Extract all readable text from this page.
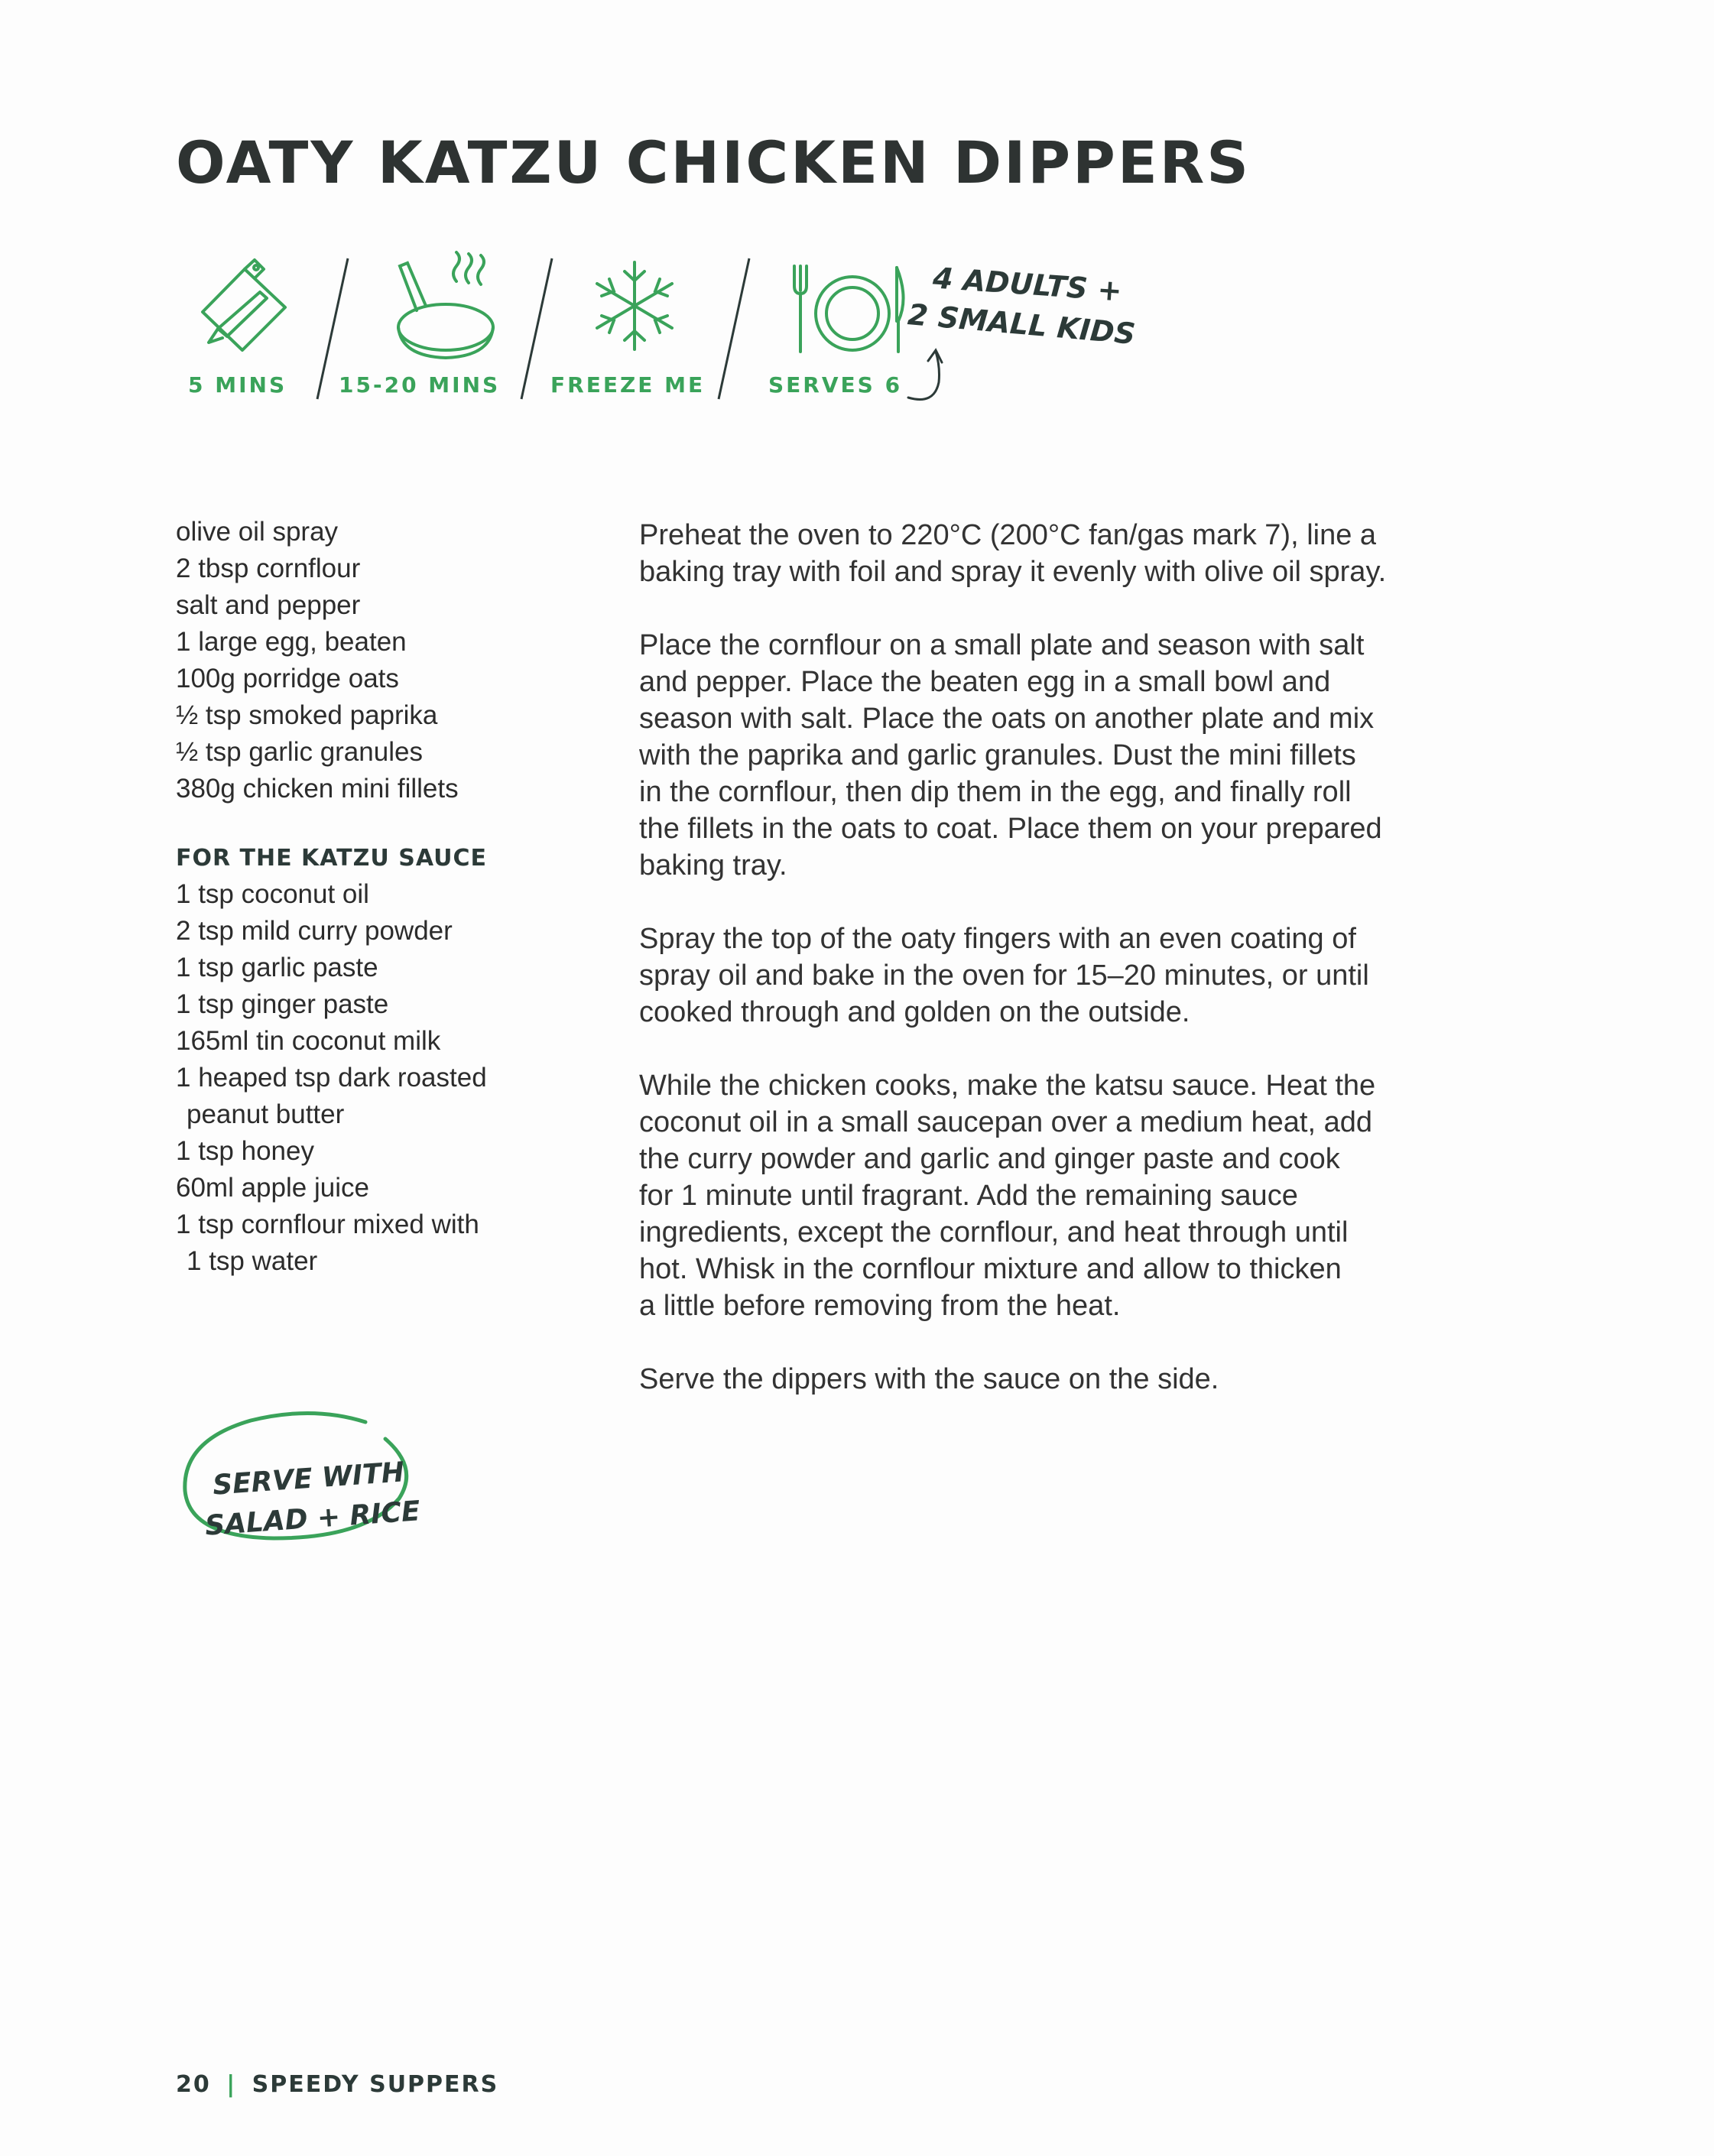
OATY KATZU CHICKEN DIPPERS
5 MINS 15-20 MINS FREEZE ME	SERVES 6
4 ADULTS +
2 SMALL KIDS
olive oil spray
2 tbsp cornflour
salt and pepper
1 large egg, beaten
100g porridge oats
½ tsp smoked paprika
½ tsp garlic granules
380g chicken mini fillets
FOR THE KATZU SAUCE
1 tsp coconut oil
2 tsp mild curry powder
1 tsp garlic paste
1 tsp ginger paste
165ml tin coconut milk
1 heaped tsp dark roasted
peanut butter
1 tsp honey
60ml apple juice
1 tsp cornflour mixed with
1 tsp water

Preheat the oven to 220°C (200°C fan/gas mark 7), line a
baking tray with foil and spray it evenly with olive oil spray.

Place the cornflour on a small plate and season with salt
and pepper. Place the beaten egg in a small bowl and
season with salt. Place the oats on another plate and mix
with the paprika and garlic granules. Dust the mini fillets
in the cornflour, then dip them in the egg, and finally roll
the fillets in the oats to coat. Place them on your prepared
baking tray.

Spray the top of the oaty fingers with an even coating of
spray oil and bake in the oven for 15–20 minutes, or until
cooked through and golden on the outside.

While the chicken cooks, make the katsu sauce. Heat the
coconut oil in a small saucepan over a medium heat, add
the curry powder and garlic and ginger paste and cook
for 1 minute until fragrant. Add the remaining sauce
ingredients, except the cornflour, and heat through until
hot. Whisk in the cornflour mixture and allow to thicken
a little before removing from the heat.

Serve the dippers with the sauce on the side.

SERVE WITH
SALAD + RICE
20 | SPEEDY SUPPERS
